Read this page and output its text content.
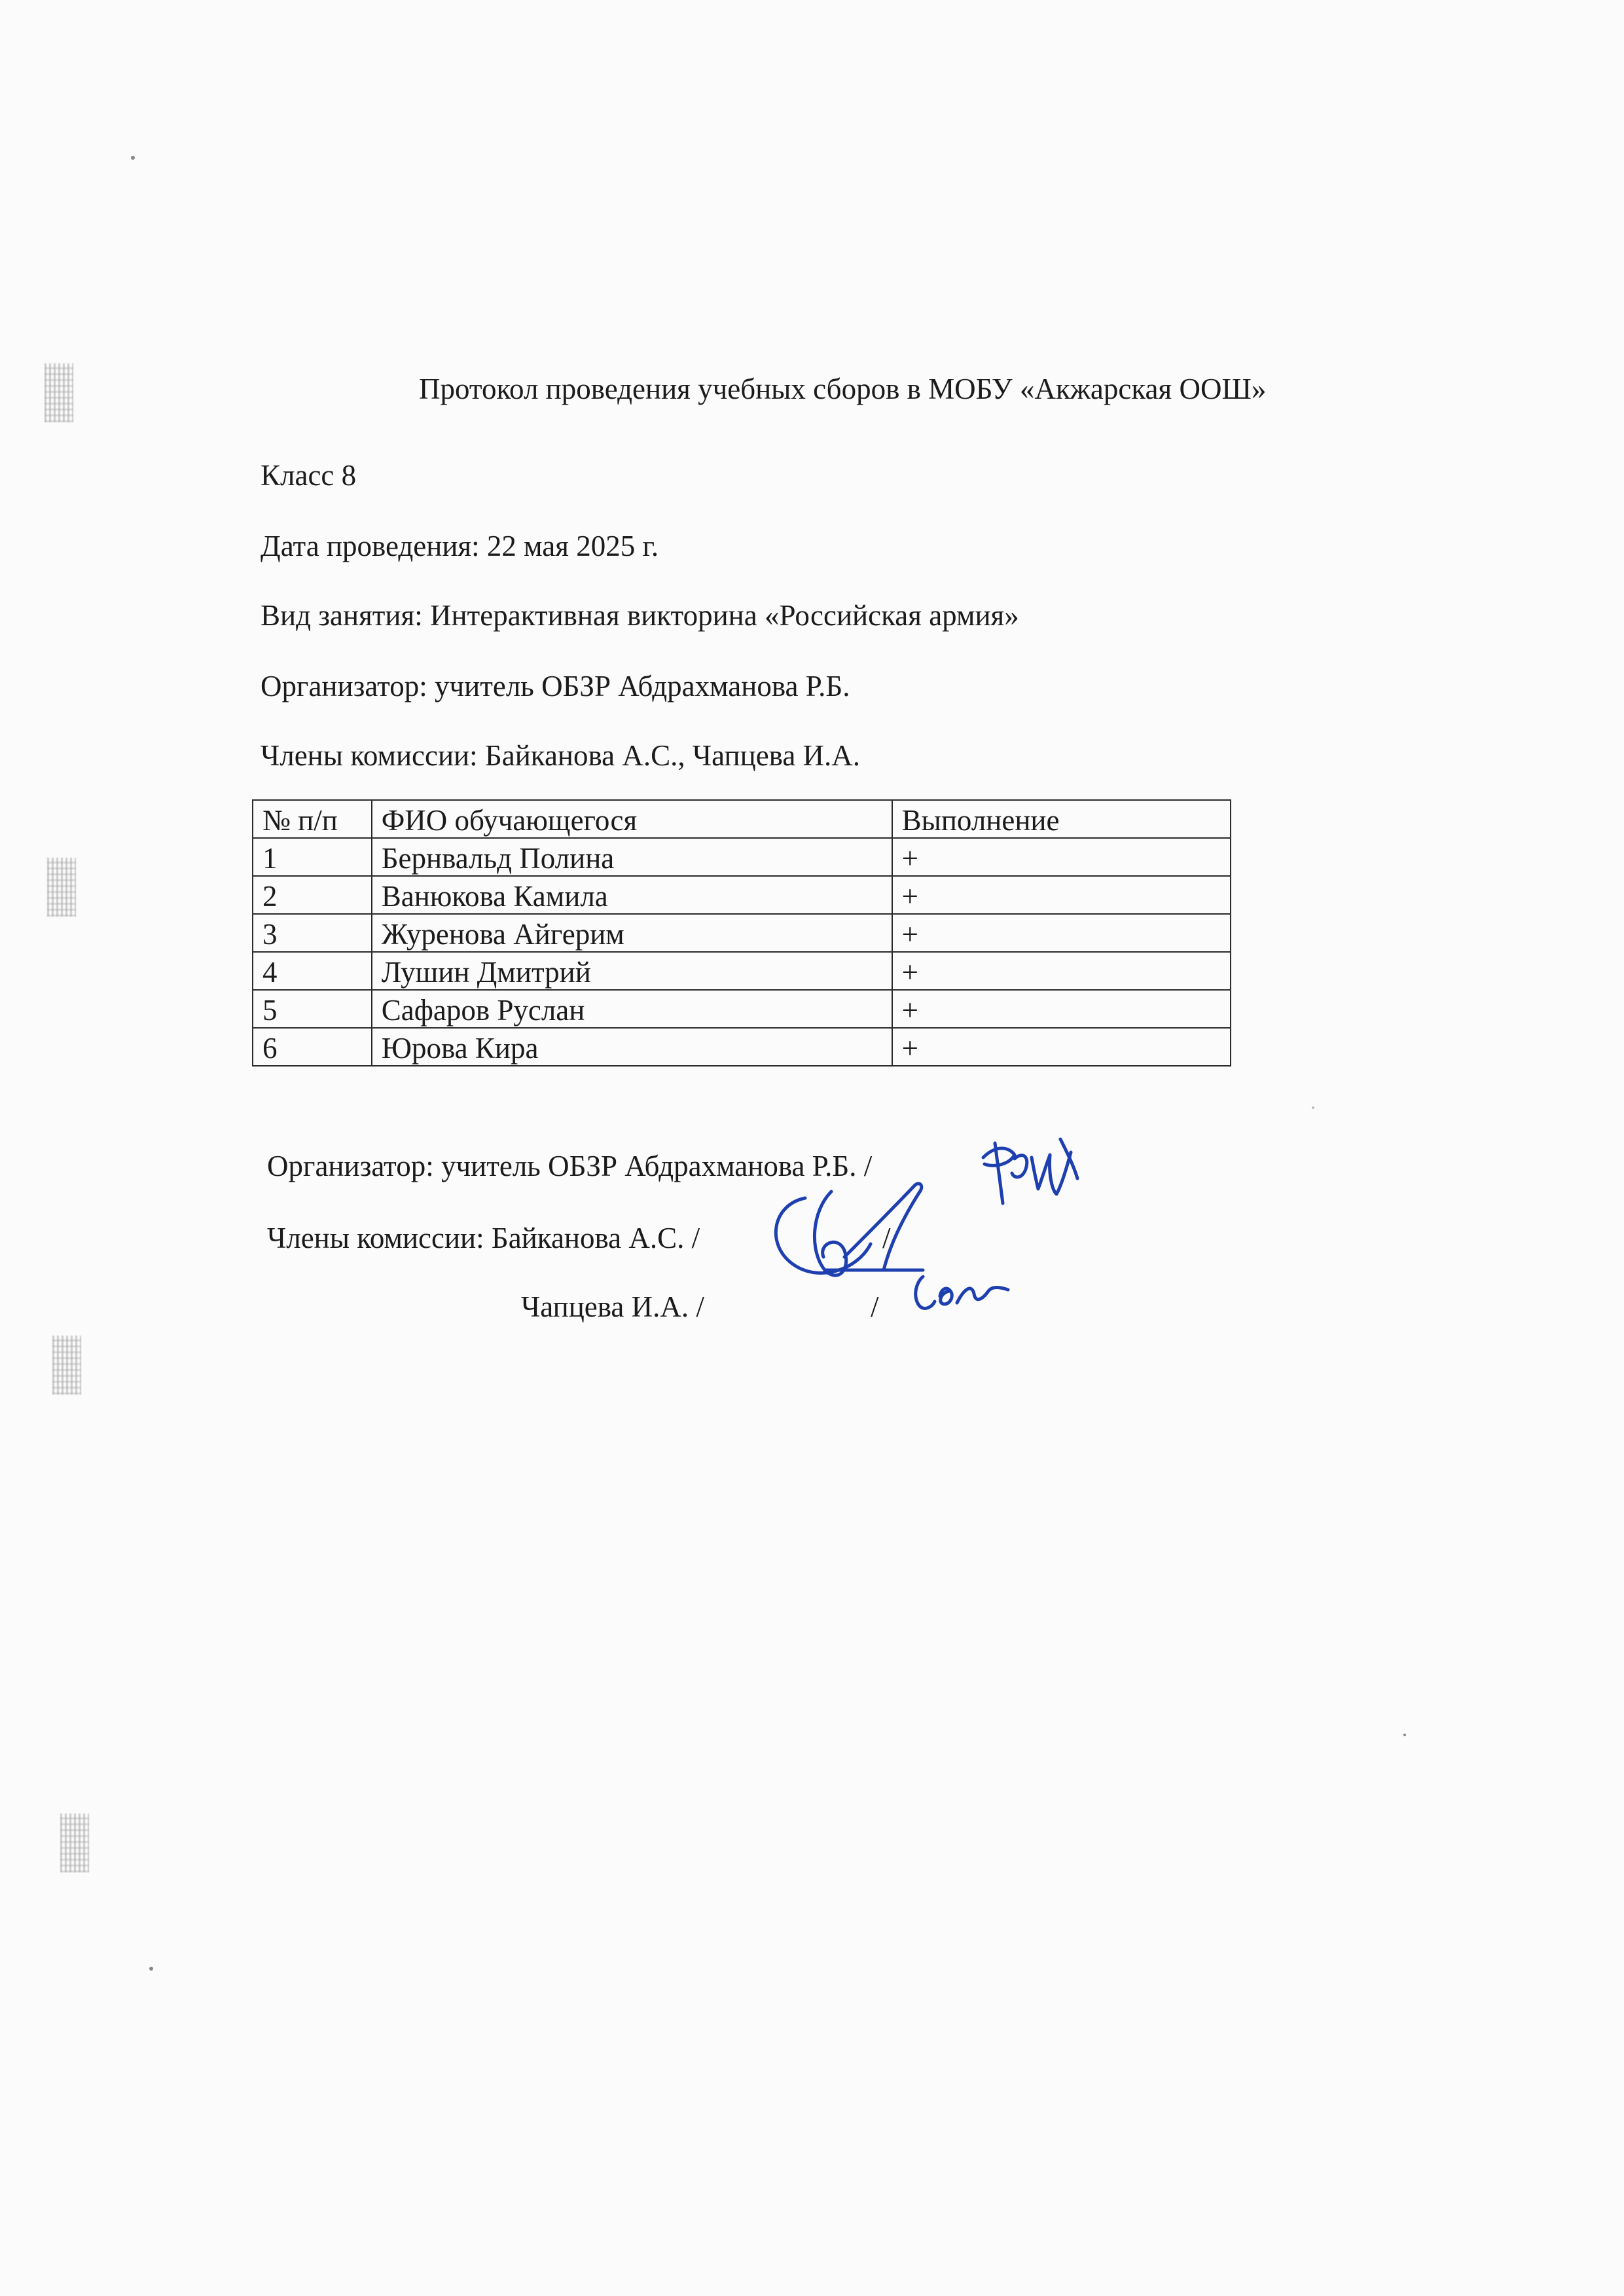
Протокол проведения учебных сборов в МОБУ «Акжарская ООШ»
Класс 8
Дата проведения: 22 мая 2025 г.
Вид занятия: Интерактивная викторина «Российская армия»
Организатор: учитель ОБЗР Абдрахманова Р.Б.
Члены комиссии: Байканова А.С., Чапцева И.А.
№ п/п	ФИО обучающегося	Выполнение
1	Бернвальд Полина	+
2	Ванюкова Камила	+
3	Журенова Айгерим	+
4	Лушин Дмитрий	+
5	Сафаров Руслан	+
6	Юрова Кира	+
Организатор: учитель ОБЗР Абдрахманова Р.Б. /
Члены комиссии: Байканова А.С. /	/
Чапцева И.А. /	/
